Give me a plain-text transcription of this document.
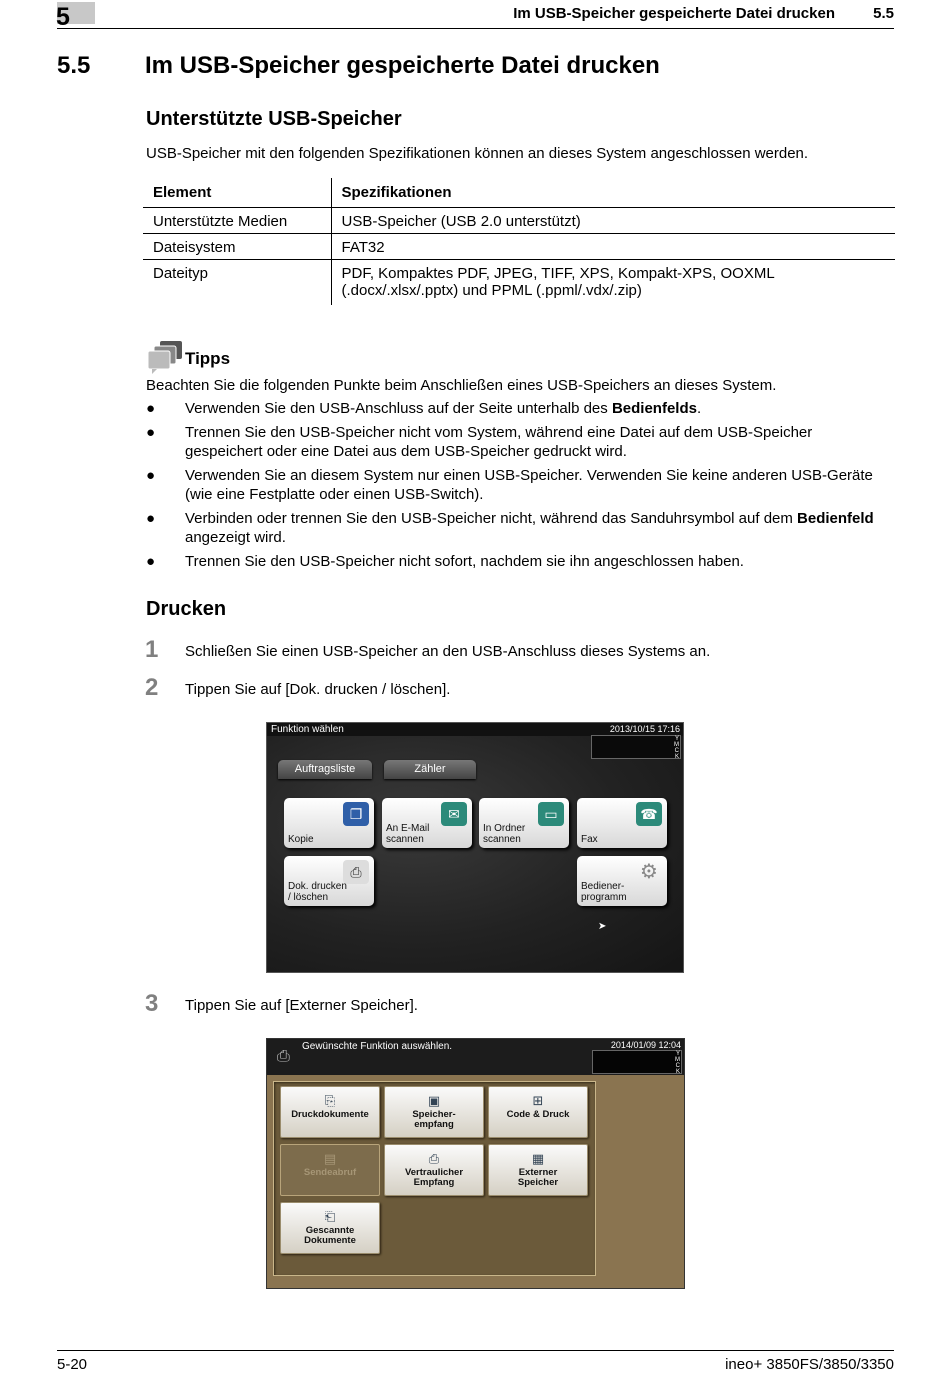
5	Im USB-Speicher gespeicherte Datei drucken	5.5
5.5 Im USB-Speicher gespeicherte Datei drucken
Unterstützte USB-Speicher
USB-Speicher mit den folgenden Spezifikationen können an dieses System angeschlossen werden.
Element	Spezifikationen
Unterstützte Medien	USB-Speicher (USB 2.0 unterstützt)
Dateisystem	FAT32
Dateityp	PDF, Kompaktes PDF, JPEG, TIFF, XPS, Kompakt-XPS, OOXML
(.docx/.xlsx/.pptx) und PPML (.ppml/.vdx/.zip)
Tipps
Beachten Sie die folgenden Punkte beim Anschließen eines USB-Speichers an dieses System.
● Verwenden Sie den USB-Anschluss auf der Seite unterhalb des Bedienfelds.
● Trennen Sie den USB-Speicher nicht vom System, während eine Datei auf dem USB-Speicher
gespeichert oder eine Datei aus dem USB-Speicher gedruckt wird.
● Verwenden Sie an diesem System nur einen USB-Speicher. Verwenden Sie keine anderen USB-Geräte
(wie eine Festplatte oder einen USB-Switch).
● Verbinden oder trennen Sie den USB-Speicher nicht, während das Sanduhrsymbol auf dem Bedienfeld
angezeigt wird.
● Trennen Sie den USB-Speicher nicht sofort, nachdem sie ihn angeschlossen haben.
Drucken
1 Schließen Sie einen USB-Speicher an den USB-Anschluss dieses Systems an.
2 Tippen Sie auf [Dok. drucken / löschen].
Funktion wählen	2013/10/15 17:16
Y
M
C
K
Auftragsliste	Zähler
❐
Kopie
✉
An E-Mail
scannen
▭
In Ordner
scannen
☎
Fax
⎙
Dok. drucken
/ löschen
⚙
Bediener-
programm
➤
3 Tippen Sie auf [Externer Speicher].
⎙
Gewünschte Funktion auswählen.	2014/01/09 12:04
Y
M
C
K
⎘
Druckdokumente
▣
Speicher-
empfang
⊞
Code & Druck
▤
Sendeabruf
⎙
Vertraulicher
Empfang
▦
Externer
Speicher
⎗
Gescannte
Dokumente
5-20	ineo+ 3850FS/3850/3350
